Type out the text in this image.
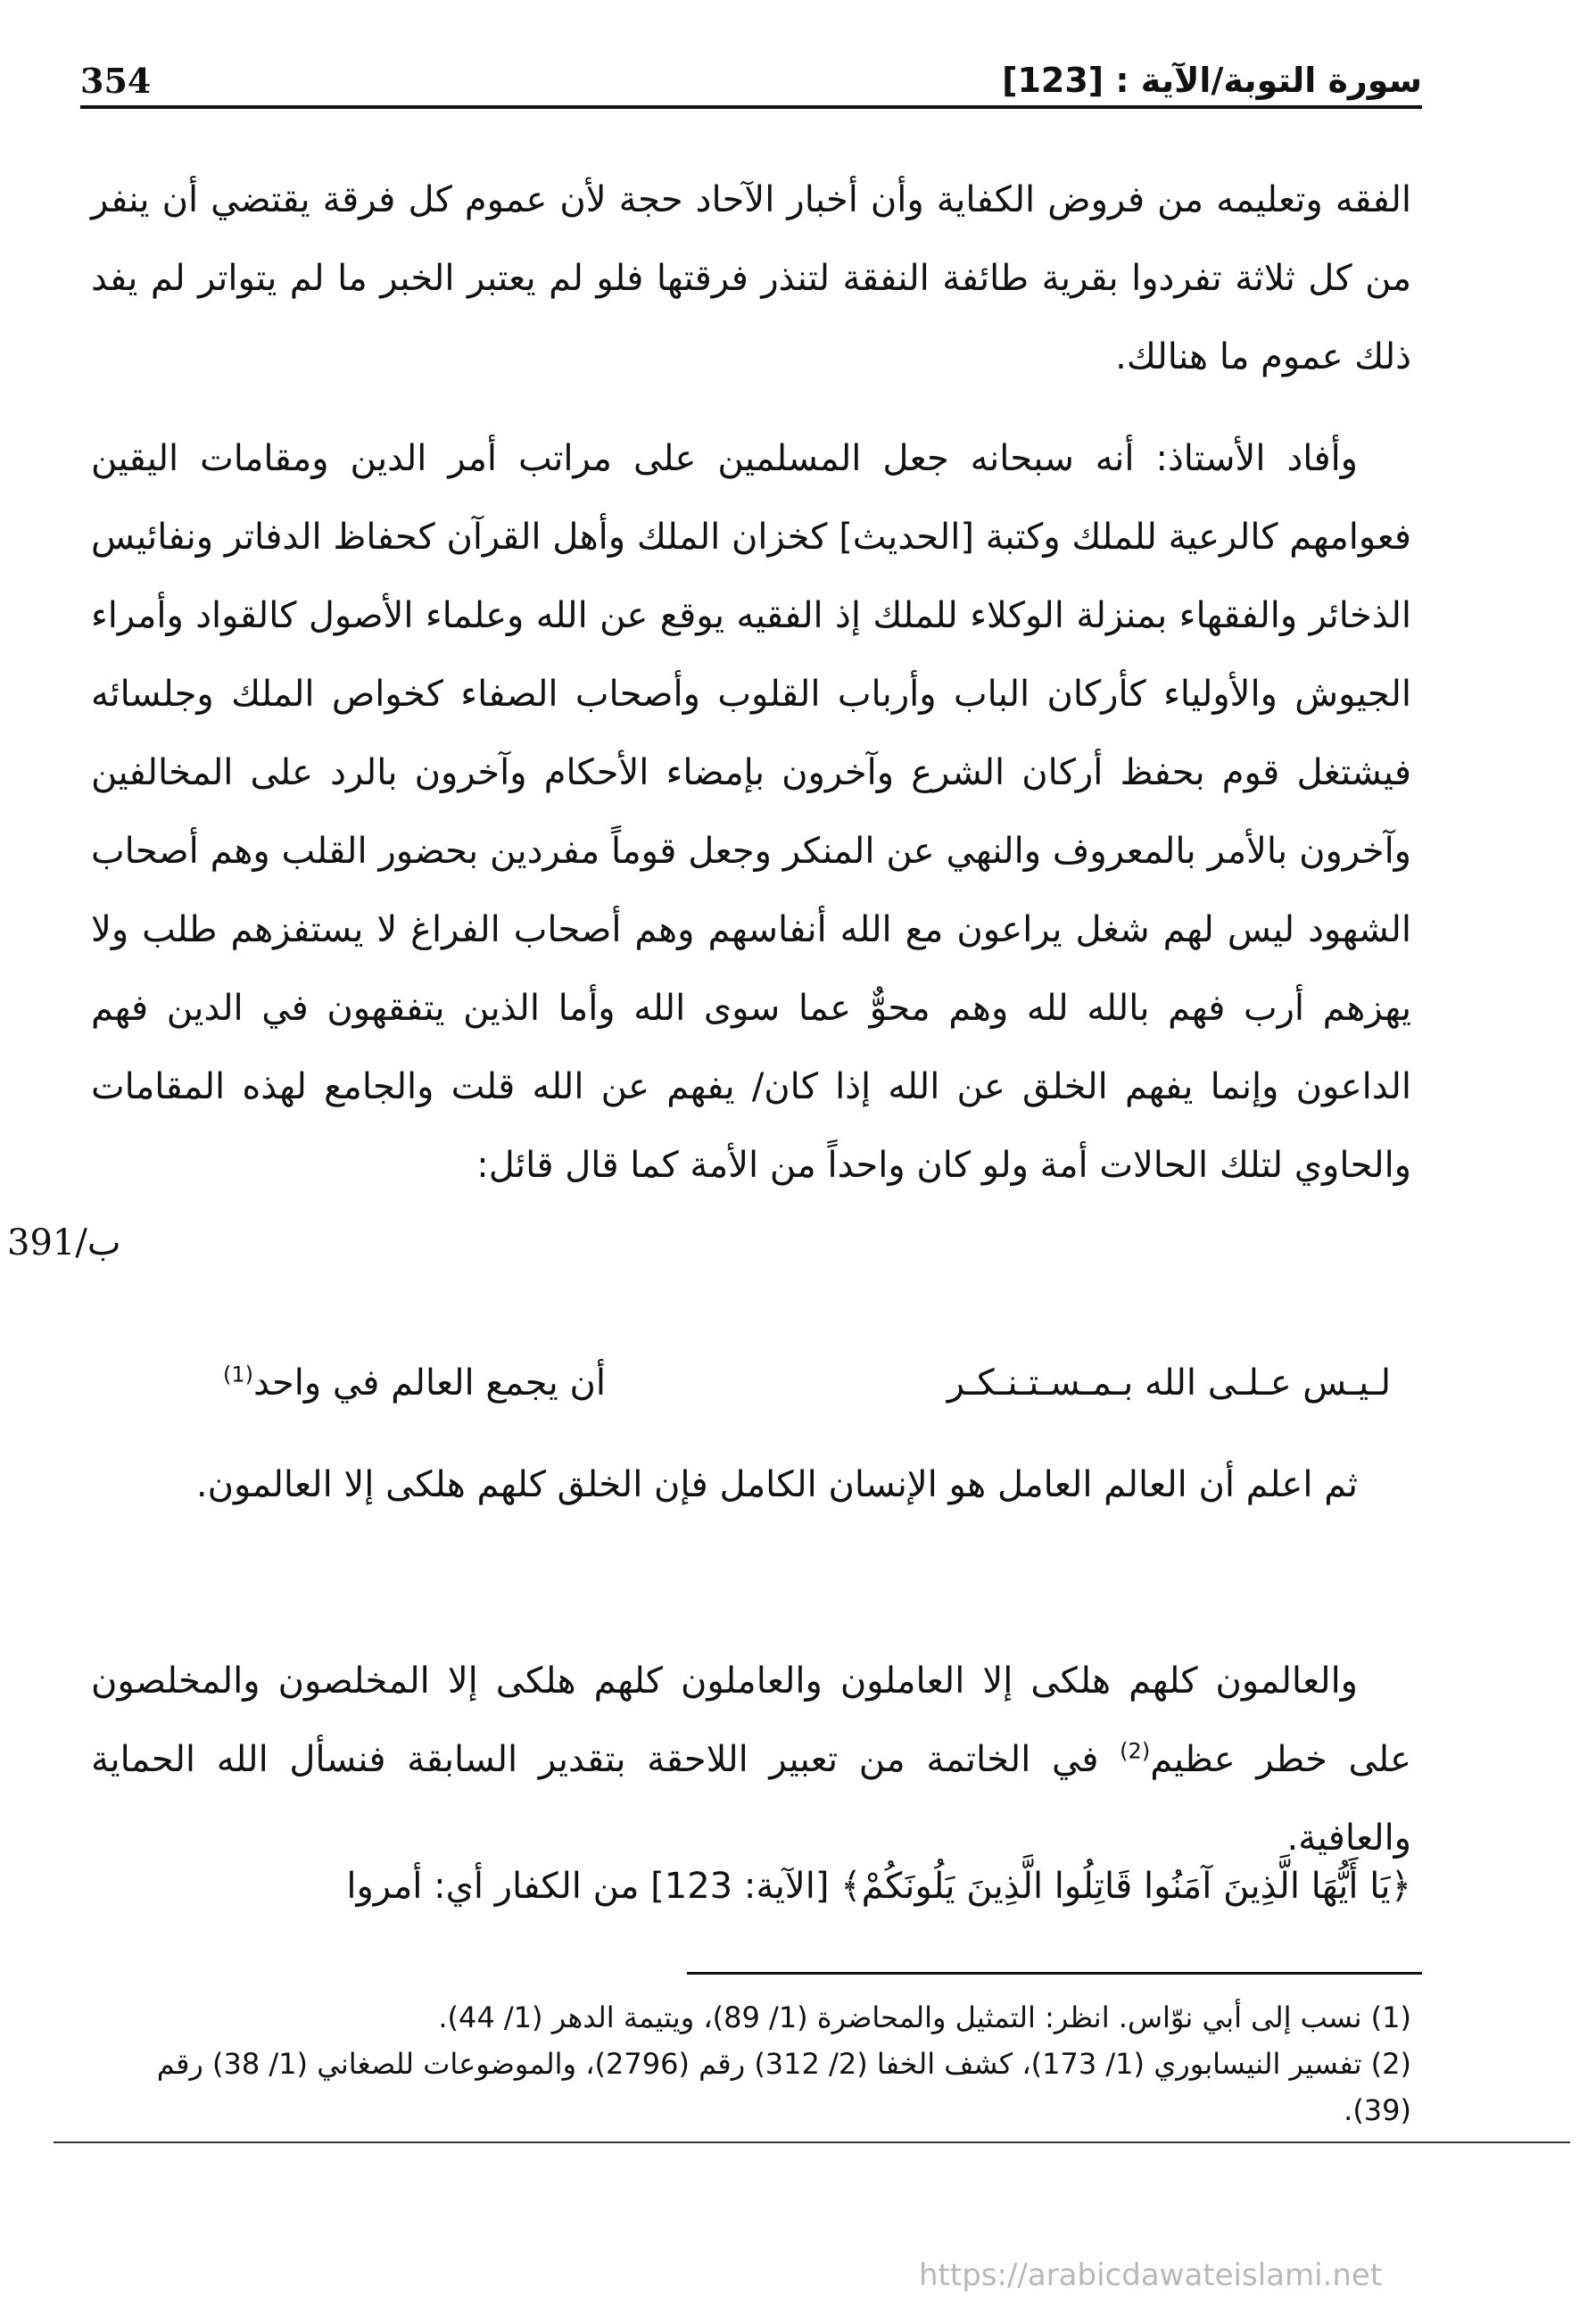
354	سورة التوبة/الآية : [123]

الفقه وتعليمه من فروض الكفاية وأن أخبار الآحاد حجة لأن عموم كل فرقة يقتضي أن ينفر من كل ثلاثة تفردوا بقرية طائفة النفقة لتنذر فرقتها فلو لم يعتبر الخبر ما لم يتواتر لم يفد ذلك عموم ما هنالك.

وأفاد الأستاذ: أنه سبحانه جعل المسلمين على مراتب أمر الدين ومقامات اليقين فعوامهم كالرعية للملك وكتبة [الحديث] كخزان الملك وأهل القرآن كحفاظ الدفاتر ونفائيس الذخائر والفقهاء بمنزلة الوكلاء للملك إذ الفقيه يوقع عن الله وعلماء الأصول كالقواد وأمراء الجيوش والأولياء كأركان الباب وأرباب القلوب وأصحاب الصفاء كخواص الملك وجلسائه فيشتغل قوم بحفظ أركان الشرع وآخرون بإمضاء الأحكام وآخرون بالرد على المخالفين وآخرون بالأمر بالمعروف والنهي عن المنكر وجعل قوماً مفردين بحضور القلب وهم أصحاب الشهود ليس لهم شغل يراعون مع الله أنفاسهم وهم أصحاب الفراغ لا يستفزهم طلب ولا يهزهم أرب فهم بالله لله وهم محوٌّ عما سوى الله وأما الذين يتفقهون في الدين فهم الداعون وإنما يفهم الخلق عن الله إذا كان/ يفهم عن الله قلت والجامع لهذه المقامات والحاوي لتلك الحالات أمة ولو كان واحداً من الأمة كما قال قائل:

391/ب
لـيـس عـلـى الله بـمـسـتـنـكـر
أن يجمع العالم في واحد$^{(1)}$

ثم اعلم أن العالم العامل هو الإنسان الكامل فإن الخلق كلهم هلكى إلا العالمون.

والعالمون كلهم هلكى إلا العاملون والعاملون كلهم هلكى إلا المخلصون والمخلصون على خطر عظيم$^{(2)}$ في الخاتمة من تعبير اللاحقة بتقدير السابقة فنسأل الله الحماية والعافية.

﴿يَا أَيُّهَا الَّذِينَ آمَنُوا قَاتِلُوا الَّذِينَ يَلُونَكُمْ﴾ [الآية: 123] من الكفار أي: أمروا

(1) نسب إلى أبي نوّاس. انظر: التمثيل والمحاضرة (1/ 89)، ويتيمة الدهر (1/ 44).

(2) تفسير النيسابوري (1/ 173)، كشف الخفا (2/ 312) رقم (2796)، والموضوعات للصغاني (1/ 38) رقم (39).

https://arabicdawateislami.net
